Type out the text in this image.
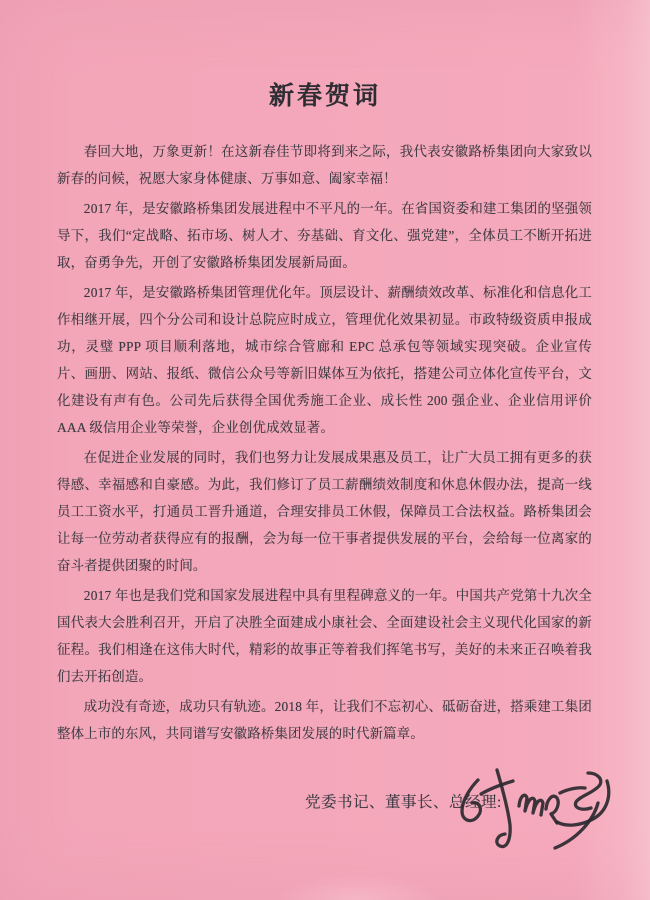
新春贺词

春回大地，万象更新！在这新春佳节即将到来之际，我代表安徽路桥集团向大家致以新春的问候，祝愿大家身体健康、万事如意、阖家幸福！

2017 年，是安徽路桥集团发展进程中不平凡的一年。在省国资委和建工集团的坚强领导下，我们“定战略、拓市场、树人才、夯基础、育文化、强党建”，全体员工不断开拓进取，奋勇争先，开创了安徽路桥集团发展新局面。

2017 年，是安徽路桥集团管理优化年。顶层设计、薪酬绩效改革、标准化和信息化工作相继开展，四个分公司和设计总院应时成立，管理优化效果初显。市政特级资质申报成功，灵璧 PPP 项目顺利落地，城市综合管廊和 EPC 总承包等领域实现突破。企业宣传片、画册、网站、报纸、微信公众号等新旧媒体互为依托，搭建公司立体化宣传平台，文化建设有声有色。公司先后获得全国优秀施工企业、成长性 200 强企业、企业信用评价 AAA 级信用企业等荣誉，企业创优成效显著。

在促进企业发展的同时，我们也努力让发展成果惠及员工，让广大员工拥有更多的获得感、幸福感和自豪感。为此，我们修订了员工薪酬绩效制度和休息休假办法，提高一线员工工资水平，打通员工晋升通道，合理安排员工休假，保障员工合法权益。路桥集团会让每一位劳动者获得应有的报酬，会为每一位干事者提供发展的平台，会给每一位离家的奋斗者提供团聚的时间。

2017 年也是我们党和国家发展进程中具有里程碑意义的一年。中国共产党第十九次全国代表大会胜利召开，开启了决胜全面建成小康社会、全面建设社会主义现代化国家的新征程。我们相逢在这伟大时代，精彩的故事正等着我们挥笔书写，美好的未来正召唤着我们去开拓创造。

成功没有奇迹，成功只有轨迹。2018 年，让我们不忘初心、砥砺奋进，搭乘建工集团整体上市的东风，共同谱写安徽路桥集团发展的时代新篇章。

党委书记、董事长、总经理:
